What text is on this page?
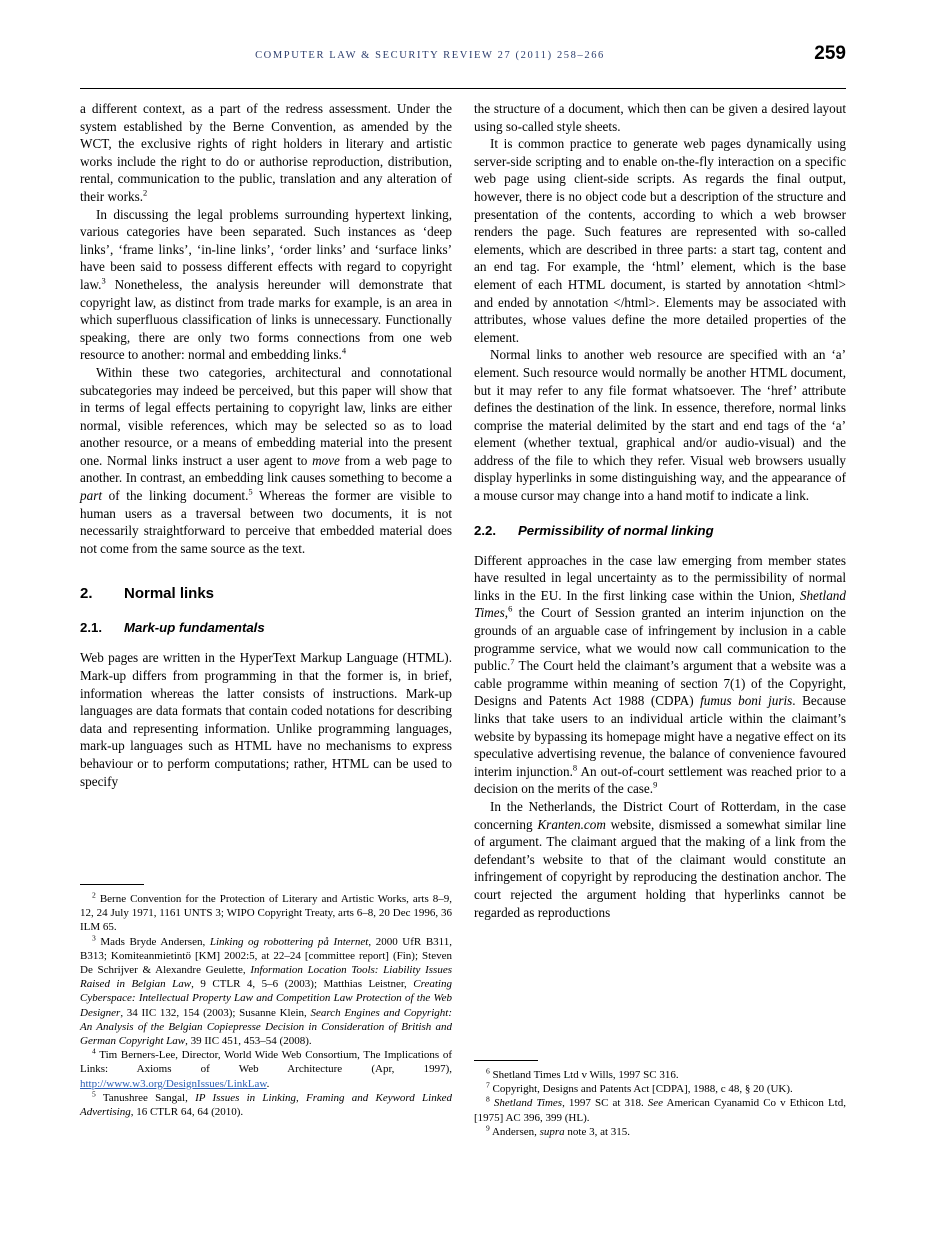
COMPUTER LAW & SECURITY REVIEW 27 (2011) 258–266	259

a different context, as a part of the redress assessment. Under the system established by the Berne Convention, as amended by the WCT, the exclusive rights of right holders in literary and artistic works include the right to do or authorise reproduction, distribution, rental, communication to the public, translation and any alteration of their works.$^2$

In discussing the legal problems surrounding hypertext linking, various categories have been separated. Such instances as ‘deep links’, ‘frame links’, ‘in-line links’, ‘order links’ and ‘surface links’ have been said to possess different effects with regard to copyright law.$^3$ Nonetheless, the analysis hereunder will demonstrate that copyright law, as distinct from trade marks for example, is an area in which superfluous classification of links is unnecessary. Functionally speaking, there are only two forms connections from one web resource to another: normal and embedding links.$^4$

Within these two categories, architectural and connotational subcategories may indeed be perceived, but this paper will show that in terms of legal effects pertaining to copyright law, links are either normal, visible references, which may be selected so as to load another resource, or a means of embedding material into the present one. Normal links instruct a user agent to move from a web page to another. In contrast, an embedding link causes something to become a part of the linking document.$^5$ Whereas the former are visible to human users as a traversal between two documents, it is not necessarily straightforward to perceive that embedded material does not come from the same source as the text.

2.	Normal links
2.1.	Mark-up fundamentals

Web pages are written in the HyperText Markup Language (HTML). Mark-up differs from programming in that the former is, in brief, information whereas the latter consists of instructions. Mark-up languages are data formats that contain coded notations for describing data and representing information. Unlike programming languages, mark-up languages such as HTML have no mechanisms to express behaviour or to perform computations; rather, HTML can be used to specify

the structure of a document, which then can be given a desired layout using so-called style sheets.

It is common practice to generate web pages dynamically using server-side scripting and to enable on-the-fly interaction on a specific web page using client-side scripts. As regards the final output, however, there is no object code but a description of the structure and presentation of the contents, according to which a web browser renders the page. Such features are represented with so-called elements, which are described in three parts: a start tag, content and an end tag. For example, the ‘html’ element, which is the base element of each HTML document, is started by annotation <html> and ended by annotation </html>. Elements may be associated with attributes, whose values define the more detailed properties of the element.

Normal links to another web resource are specified with an ‘a’ element. Such resource would normally be another HTML document, but it may refer to any file format whatsoever. The ‘href’ attribute defines the destination of the link. In essence, therefore, normal links comprise the material delimited by the start and end tags of the ‘a’ element (whether textual, graphical and/or audio-visual) and the address of the file to which they refer. Visual web browsers usually display hyperlinks in some distinguishing way, and the appearance of a mouse cursor may change into a hand motif to indicate a link.

2.2.	Permissibility of normal linking

Different approaches in the case law emerging from member states have resulted in legal uncertainty as to the permissibility of normal links in the EU. In the first linking case within the Union, Shetland Times,$^6$ the Court of Session granted an interim injunction on the grounds of an arguable case of infringement by inclusion in a cable programme service, what we would now call communication to the public.$^7$ The Court held the claimant’s argument that a website was a cable programme within meaning of section 7(1) of the Copyright, Designs and Patents Act 1988 (CDPA) fumus boni juris. Because links that take users to an individual article within the claimant’s website by bypassing its homepage might have a negative effect on its speculative advertising revenue, the balance of convenience favoured interim injunction.$^8$ An out-of-court settlement was reached prior to a decision on the merits of the case.$^9$

In the Netherlands, the District Court of Rotterdam, in the case concerning Kranten.com website, dismissed a somewhat similar line of argument. The claimant argued that the making of a link from the defendant’s website to that of the claimant would constitute an infringement of copyright by reproducing the destination anchor. The court rejected the argument holding that hyperlinks cannot be regarded as reproductions

$^2$ Berne Convention for the Protection of Literary and Artistic Works, arts 8–9, 12, 24 July 1971, 1161 UNTS 3; WIPO Copyright Treaty, arts 6–8, 20 Dec 1996, 36 ILM 65.

$^3$ Mads Bryde Andersen, Linking og robottering på Internet, 2000 UfR B311, B313; Komiteanmietintö [KM] 2002:5, at 22–24 [committee report] (Fin); Steven De Schrijver & Alexandre Geulette, Information Location Tools: Liability Issues Raised in Belgian Law, 9 CTLR 4, 5–6 (2003); Matthias Leistner, Creating Cyberspace: Intellectual Property Law and Competition Law Protection of the Web Designer, 34 IIC 132, 154 (2003); Susanne Klein, Search Engines and Copyright: An Analysis of the Belgian Copiepresse Decision in Consideration of British and German Copyright Law, 39 IIC 451, 453–54 (2008).

$^4$ Tim Berners-Lee, Director, World Wide Web Consortium, The Implications of Links: Axioms of Web Architecture (Apr, 1997), http://www.w3.org/DesignIssues/LinkLaw.

$^5$ Tanushree Sangal, IP Issues in Linking, Framing and Keyword Linked Advertising, 16 CTLR 64, 64 (2010).

$^6$ Shetland Times Ltd v Wills, 1997 SC 316.

$^7$ Copyright, Designs and Patents Act [CDPA], 1988, c 48, § 20 (UK).

$^8$ Shetland Times, 1997 SC at 318. See American Cyanamid Co v Ethicon Ltd, [1975] AC 396, 399 (HL).

$^9$ Andersen, supra note 3, at 315.
